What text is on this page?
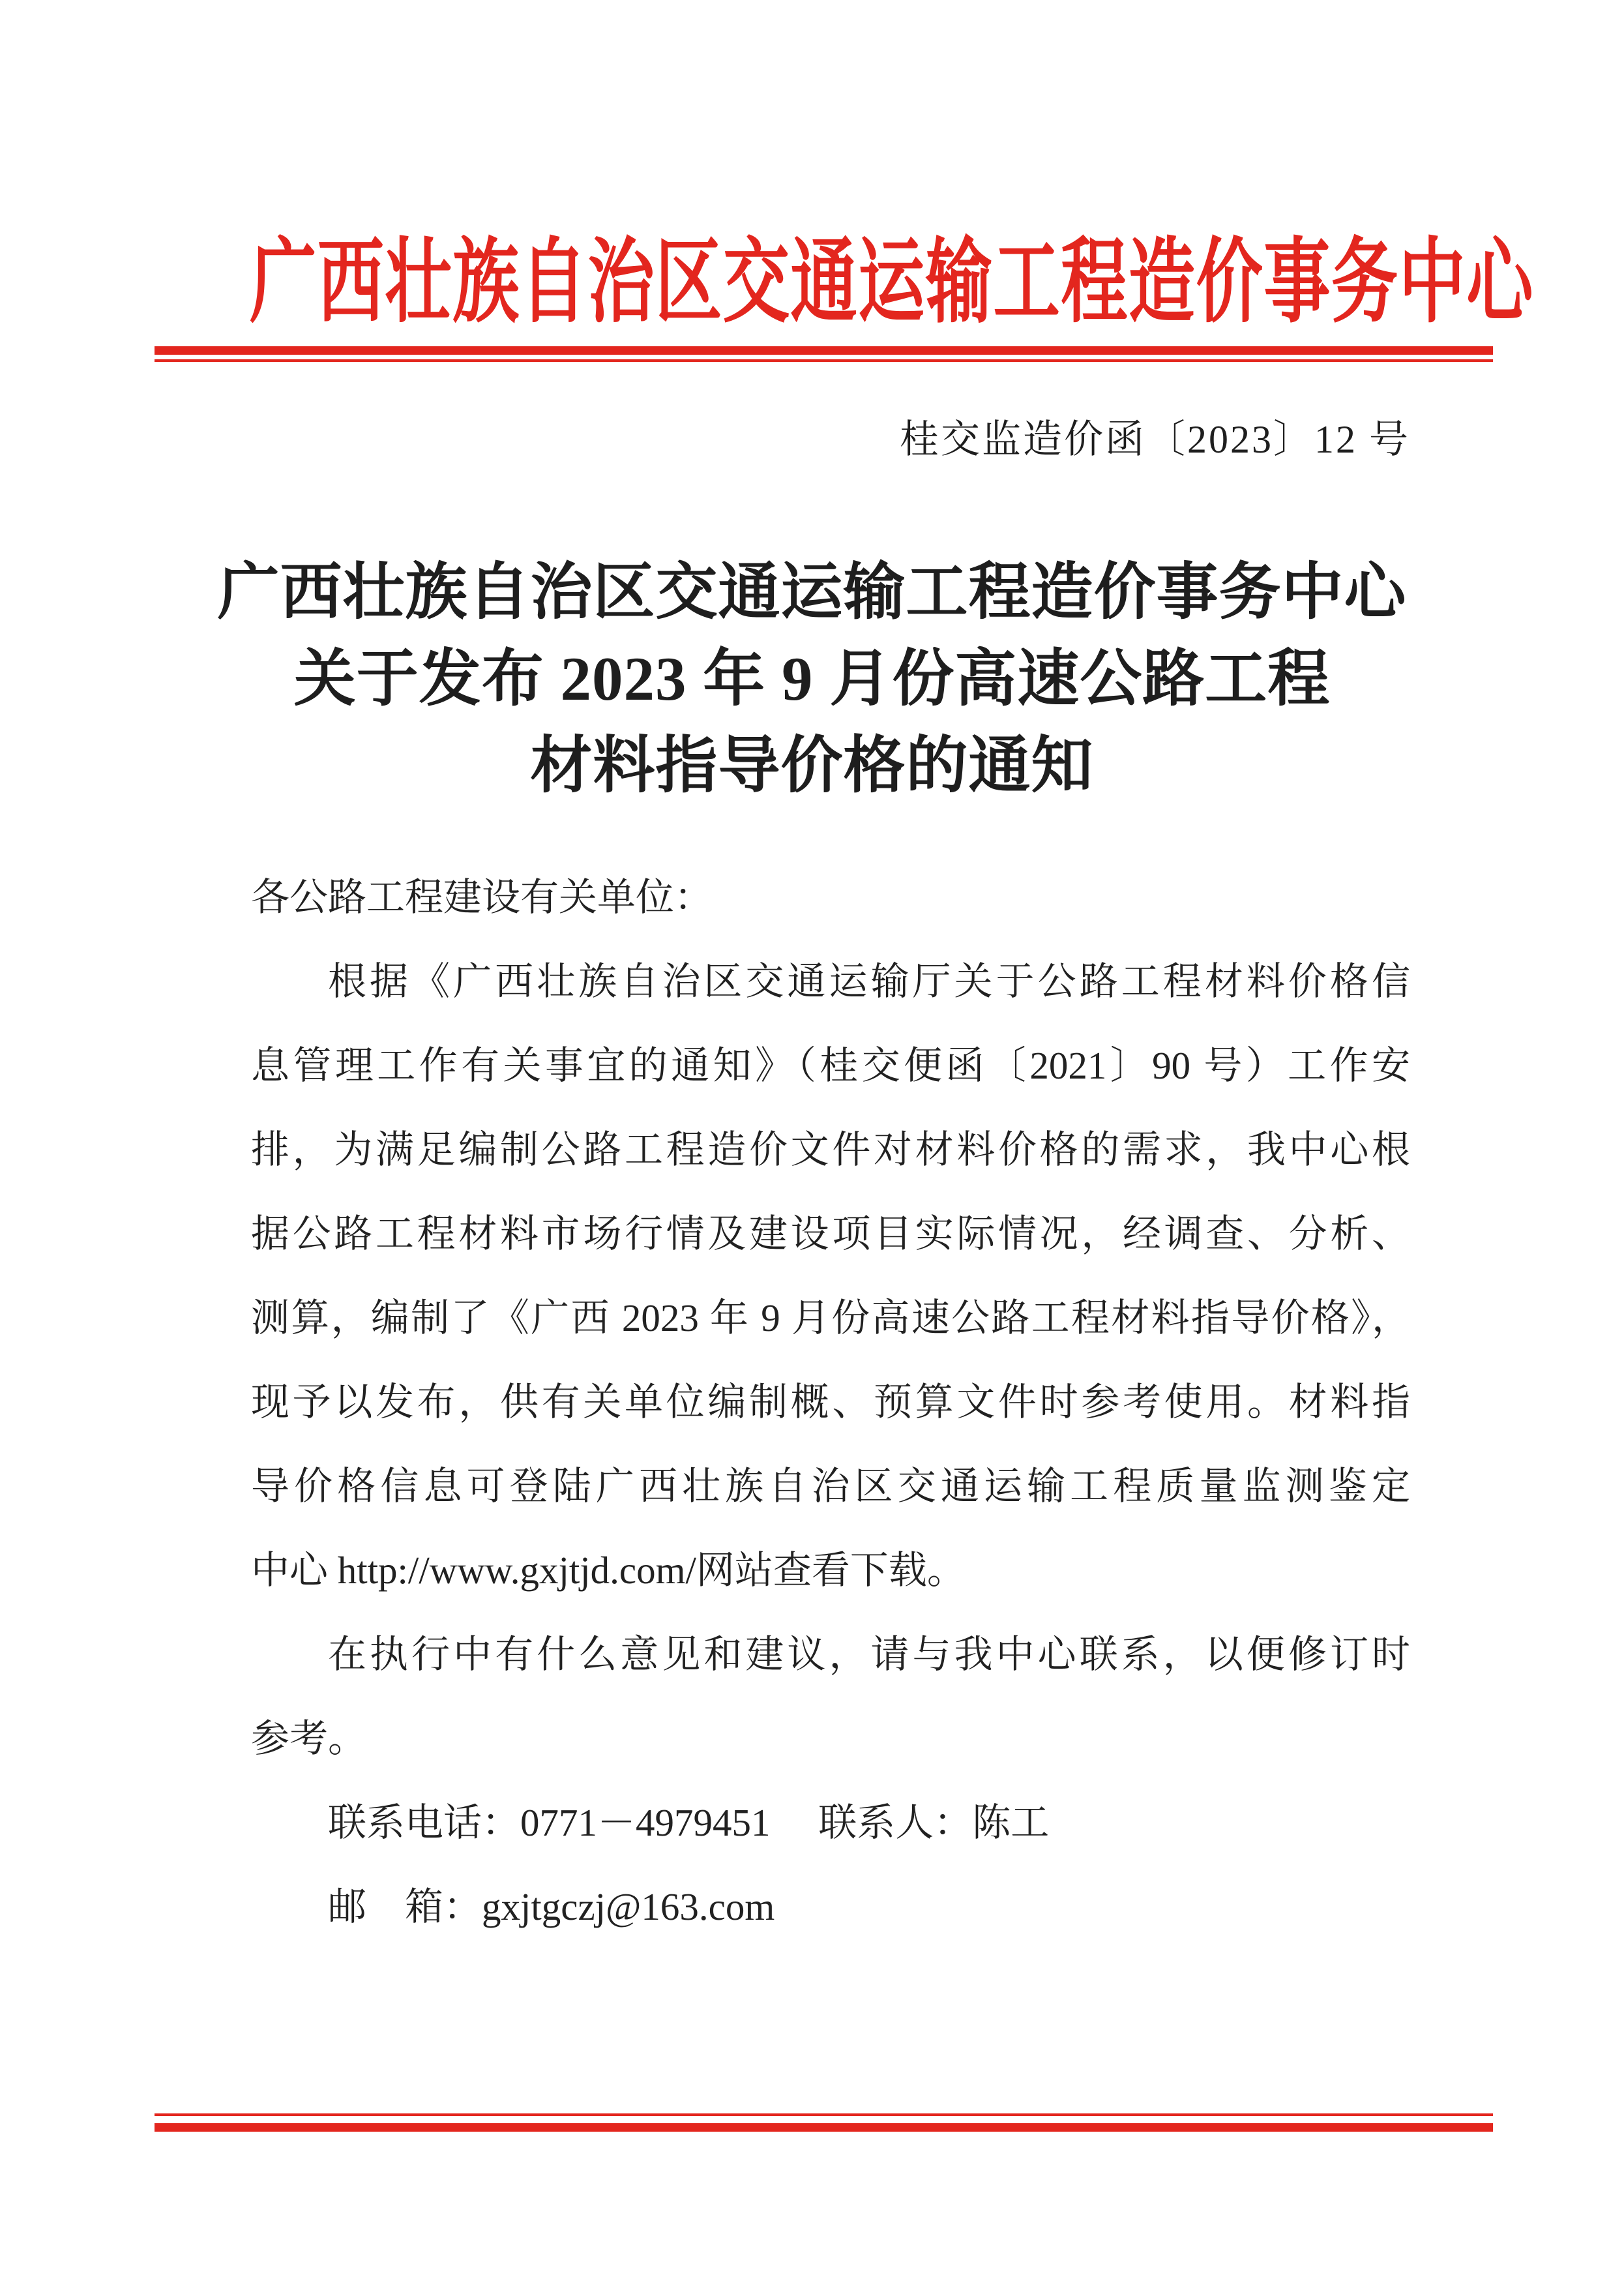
广西壮族自治区交通运输工程造价事务中心
桂交监造价函〔2023〕12 号
广西壮族自治区交通运输工程造价事务中心
关于发布 2023 年 9 月份高速公路工程
材料指导价格的通知
各公路工程建设有关单位：
根据《广西壮族自治区交通运输厅关于公路工程材料价格信
息管理工作有关事宜的通知》（桂交便函〔2021〕90 号）工作安
排，为满足编制公路工程造价文件对材料价格的需求，我中心根
据公路工程材料市场行情及建设项目实际情况，经调查、分析、
测算，编制了《广西 2023 年 9 月份高速公路工程材料指导价格》，
现予以发布，供有关单位编制概、预算文件时参考使用。材料指
导价格信息可登陆广西壮族自治区交通运输工程质量监测鉴定
中心 http://www.gxjtjd.com/网站查看下载。
在执行中有什么意见和建议，请与我中心联系，以便修订时
参考。
联系电话：0771－4979451　 联系人：陈工
邮　箱：gxjtgczj@163.com
